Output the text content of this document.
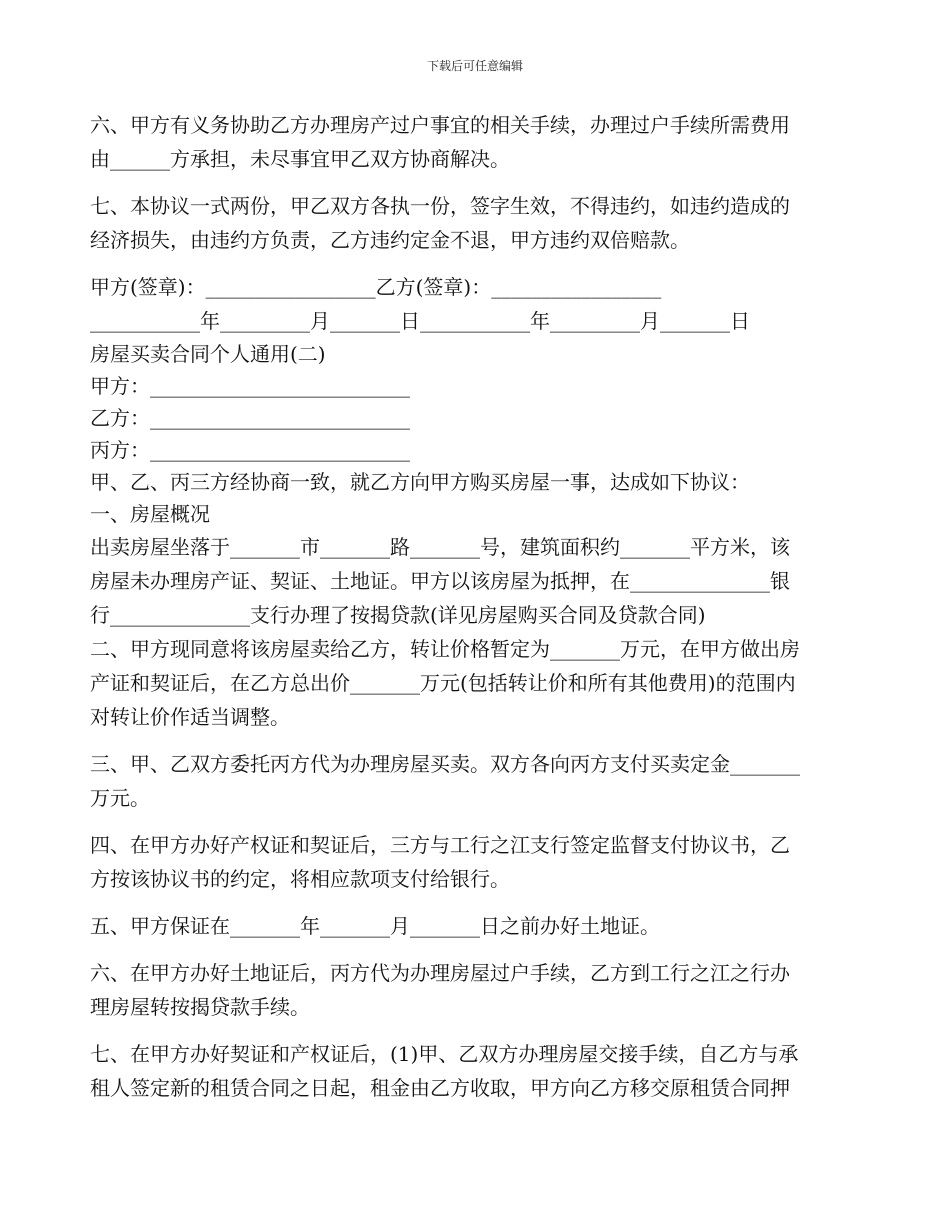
下载后可任意编辑
六、甲方有义务协助乙方办理房产过户事宜的相关手续，办理过户手续所需费用
由______方承担，未尽事宜甲乙双方协商解决。
七、本协议一式两份，甲乙双方各执一份，签字生效，不得违约，如违约造成的
经济损失，由违约方负责，乙方违约定金不退，甲方违约双倍赔款。
甲方(签章)：_________________乙方(签章)：_________________
___________年_________月_______日___________年_________月_______日
房屋买卖合同个人通用(二)
甲方：__________________________
乙方：__________________________
丙方：__________________________
甲、乙、丙三方经协商一致，就乙方向甲方购买房屋一事，达成如下协议：
一、房屋概况
出卖房屋坐落于_______市_______路_______号，建筑面积约_______平方米，该
房屋未办理房产证、契证、土地证。甲方以该房屋为抵押，在______________银
行______________支行办理了按揭贷款(详见房屋购买合同及贷款合同)
二、甲方现同意将该房屋卖给乙方，转让价格暂定为_______万元，在甲方做出房
产证和契证后，在乙方总出价_______万元(包括转让价和所有其他费用)的范围内
对转让价作适当调整。
三、甲、乙双方委托丙方代为办理房屋买卖。双方各向丙方支付买卖定金_______
万元。
四、在甲方办好产权证和契证后，三方与工行之江支行签定监督支付协议书，乙
方按该协议书的约定，将相应款项支付给银行。
五、甲方保证在_______年_______月_______日之前办好土地证。
六、在甲方办好土地证后，丙方代为办理房屋过户手续，乙方到工行之江之行办
理房屋转按揭贷款手续。
七、在甲方办好契证和产权证后，(1)甲、乙双方办理房屋交接手续，自乙方与承
租人签定新的租赁合同之日起，租金由乙方收取，甲方向乙方移交原租赁合同押
